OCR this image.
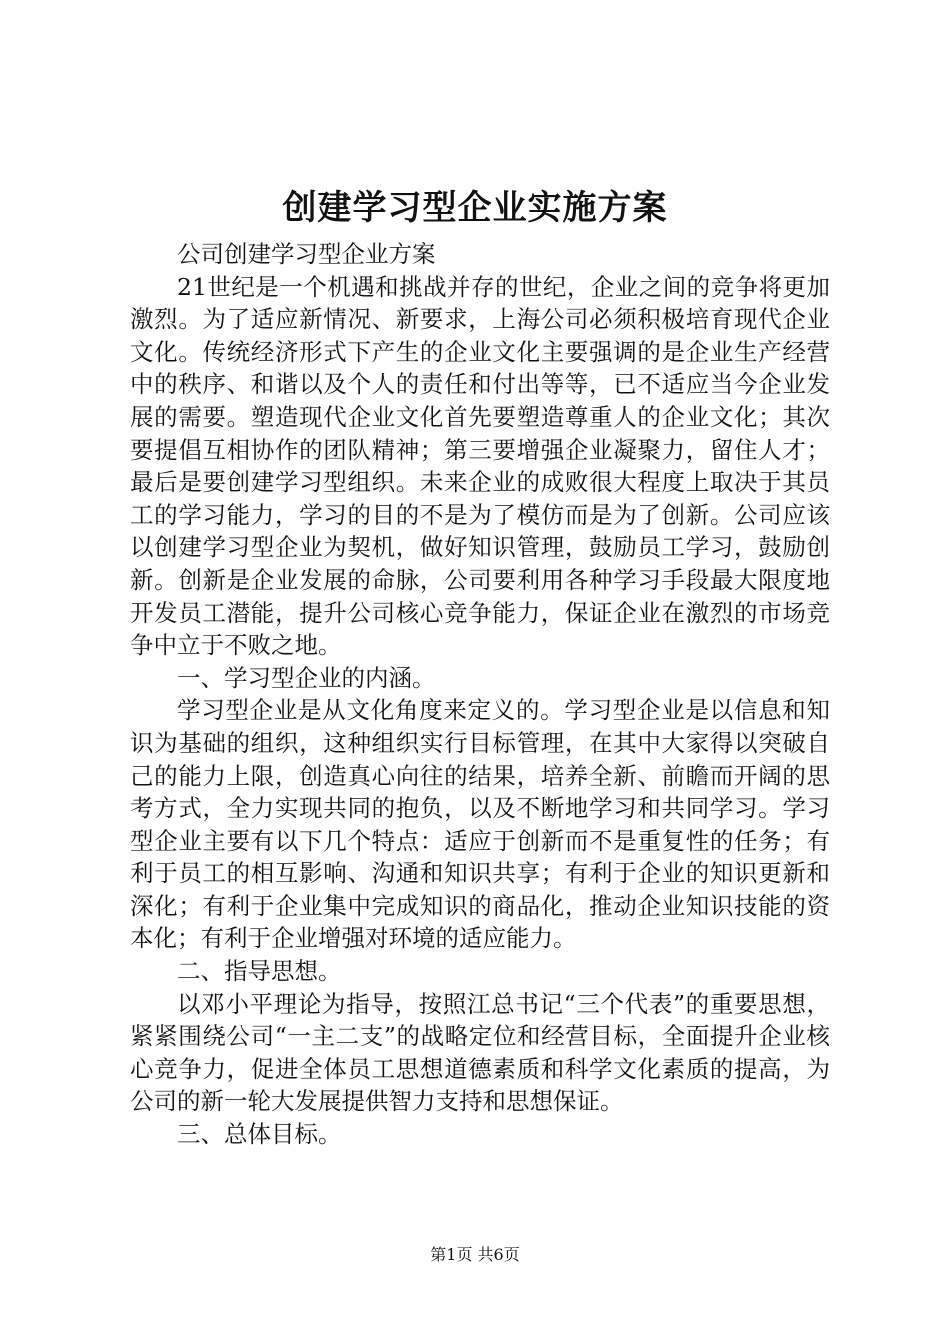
创建学习型企业实施方案

公司创建学习型企业方案

21世纪是一个机遇和挑战并存的世纪，企业之间的竞争将更加激烈。为了适应新情况、新要求，上海公司必须积极培育现代企业文化。传统经济形式下产生的企业文化主要强调的是企业生产经营中的秩序、和谐以及个人的责任和付出等等，已不适应当今企业发展的需要。塑造现代企业文化首先要塑造尊重人的企业文化；其次要提倡互相协作的团队精神；第三要增强企业凝聚力，留住人才；最后是要创建学习型组织。未来企业的成败很大程度上取决于其员工的学习能力，学习的目的不是为了模仿而是为了创新。公司应该以创建学习型企业为契机，做好知识管理，鼓励员工学习，鼓励创新。创新是企业发展的命脉，公司要利用各种学习手段最大限度地开发员工潜能，提升公司核心竞争能力，保证企业在激烈的市场竞争中立于不败之地。

一、学习型企业的内涵。

学习型企业是从文化角度来定义的。学习型企业是以信息和知识为基础的组织，这种组织实行目标管理，在其中大家得以突破自己的能力上限，创造真心向往的结果，培养全新、前瞻而开阔的思考方式，全力实现共同的抱负，以及不断地学习和共同学习。学习型企业主要有以下几个特点：适应于创新而不是重复性的任务；有利于员工的相互影响、沟通和知识共享；有利于企业的知识更新和深化；有利于企业集中完成知识的商品化，推动企业知识技能的资本化；有利于企业增强对环境的适应能力。

二、指导思想。

以邓小平理论为指导，按照江总书记“三个代表”的重要思想，紧紧围绕公司“一主二支”的战略定位和经营目标，全面提升企业核心竞争力，促进全体员工思想道德素质和科学文化素质的提高，为公司的新一轮大发展提供智力支持和思想保证。

三、总体目标。

第1页 共6页
